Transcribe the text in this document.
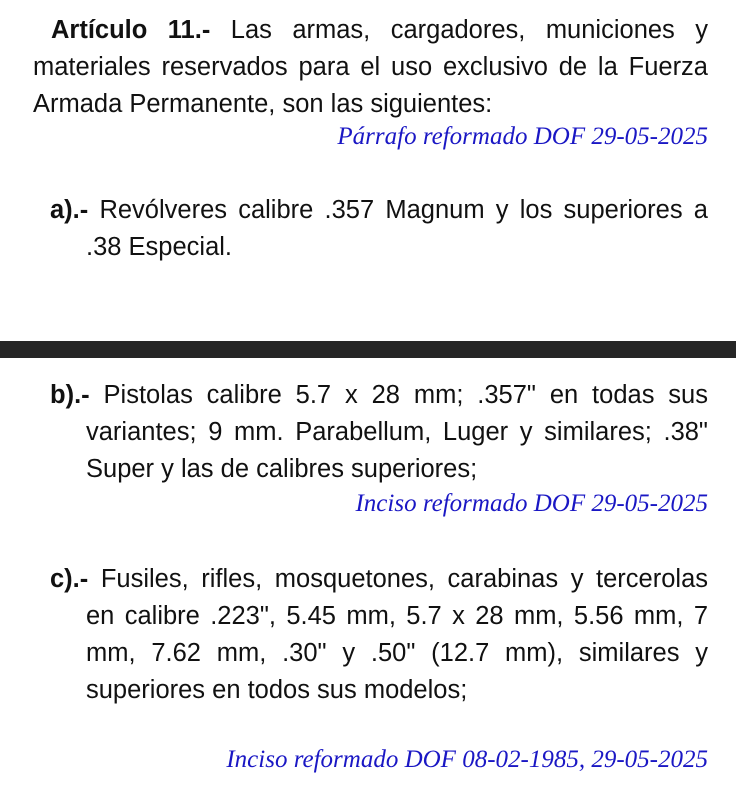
Artículo 11.- Las armas, cargadores, municiones y materiales reservados para el uso exclusivo de la Fuerza Armada Permanente, son las siguientes:

Párrafo reformado DOF 29-05-2025

a).- Revólveres calibre .357 Magnum y los superiores a .38 Especial.

b).- Pistolas calibre 5.7 x 28 mm; .357" en todas sus variantes; 9 mm. Parabellum, Luger y similares; .38" Super y las de calibres superiores;

Inciso reformado DOF 29-05-2025

c).- Fusiles, rifles, mosquetones, carabinas y tercerolas en calibre .223", 5.45 mm, 5.7 x 28 mm, 5.56 mm, 7 mm, 7.62 mm, .30" y .50" (12.7 mm), similares y superiores en todos sus modelos;

Inciso reformado DOF 08-02-1985, 29-05-2025
